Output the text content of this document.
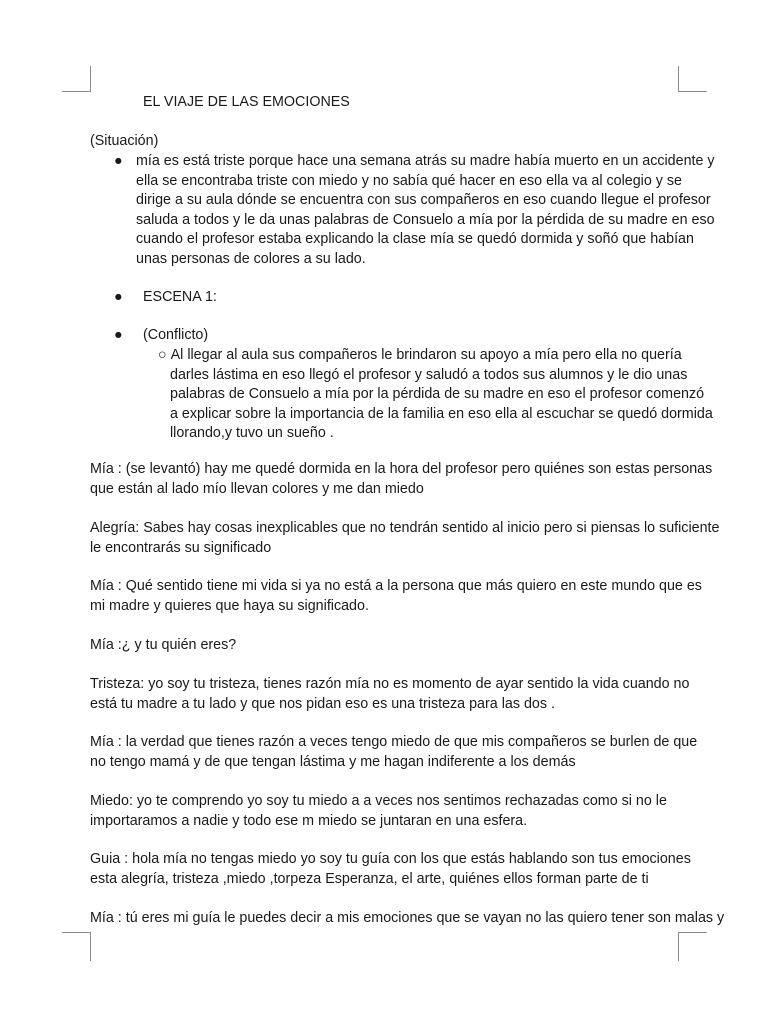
EL VIAJE DE LAS EMOCIONES

(Situación)

● mía es está triste porque hace una semana atrás su madre había muerto en un accidente y ella se encontraba triste con miedo y no sabía qué hacer en eso ella va al colegio y se dirige a su aula dónde se encuentra con sus compañeros en eso cuando llegue el profesor saluda a todos y le da unas palabras de Consuelo a mía por la pérdida de su madre en eso cuando el profesor estaba explicando la clase mía se quedó dormida y soñó que habían unas personas de colores a su lado.
● ESCENA 1:
● (Conflicto)
○ Al llegar al aula sus compañeros le brindaron su apoyo a mía pero ella no quería darles lástima en eso llegó el profesor y saludó a todos sus alumnos y le dio unas palabras de Consuelo a mía por la pérdida de su madre en eso el profesor comenzó a explicar sobre la importancia de la familia en eso ella al escuchar se quedó dormida llorando,y tuvo un sueño .

Mía : (se levantó) hay me quedé dormida en la hora del profesor pero quiénes son estas personas que están al lado mío llevan colores y me dan miedo

Alegría: Sabes hay cosas inexplicables que no tendrán sentido al inicio pero si piensas lo suficiente le encontrarás su significado

Mía : Qué sentido tiene mi vida si ya no está a la persona que más quiero en este mundo que es mi madre y quieres que haya su significado.

Mía :¿ y tu quién eres?

Tristeza: yo soy tu tristeza, tienes razón mía no es momento de ayar sentido la vida cuando no está tu madre a tu lado y que nos pidan eso es una tristeza para las dos .

Mía : la verdad que tienes razón a veces tengo miedo de que mis compañeros se burlen de que no tengo mamá y de que tengan lástima y me hagan indiferente a los demás

Miedo: yo te comprendo yo soy tu miedo a a veces nos sentimos rechazadas como si no le importaramos a nadie y todo ese m miedo se juntaran en una esfera.

Guia : hola mía no tengas miedo yo soy tu guía con los que estás hablando son tus emociones esta alegría, tristeza ,miedo ,torpeza Esperanza, el arte, quiénes ellos forman parte de ti

Mía : tú eres mi guía le puedes decir a mis emociones que se vayan no las quiero tener son malas y
